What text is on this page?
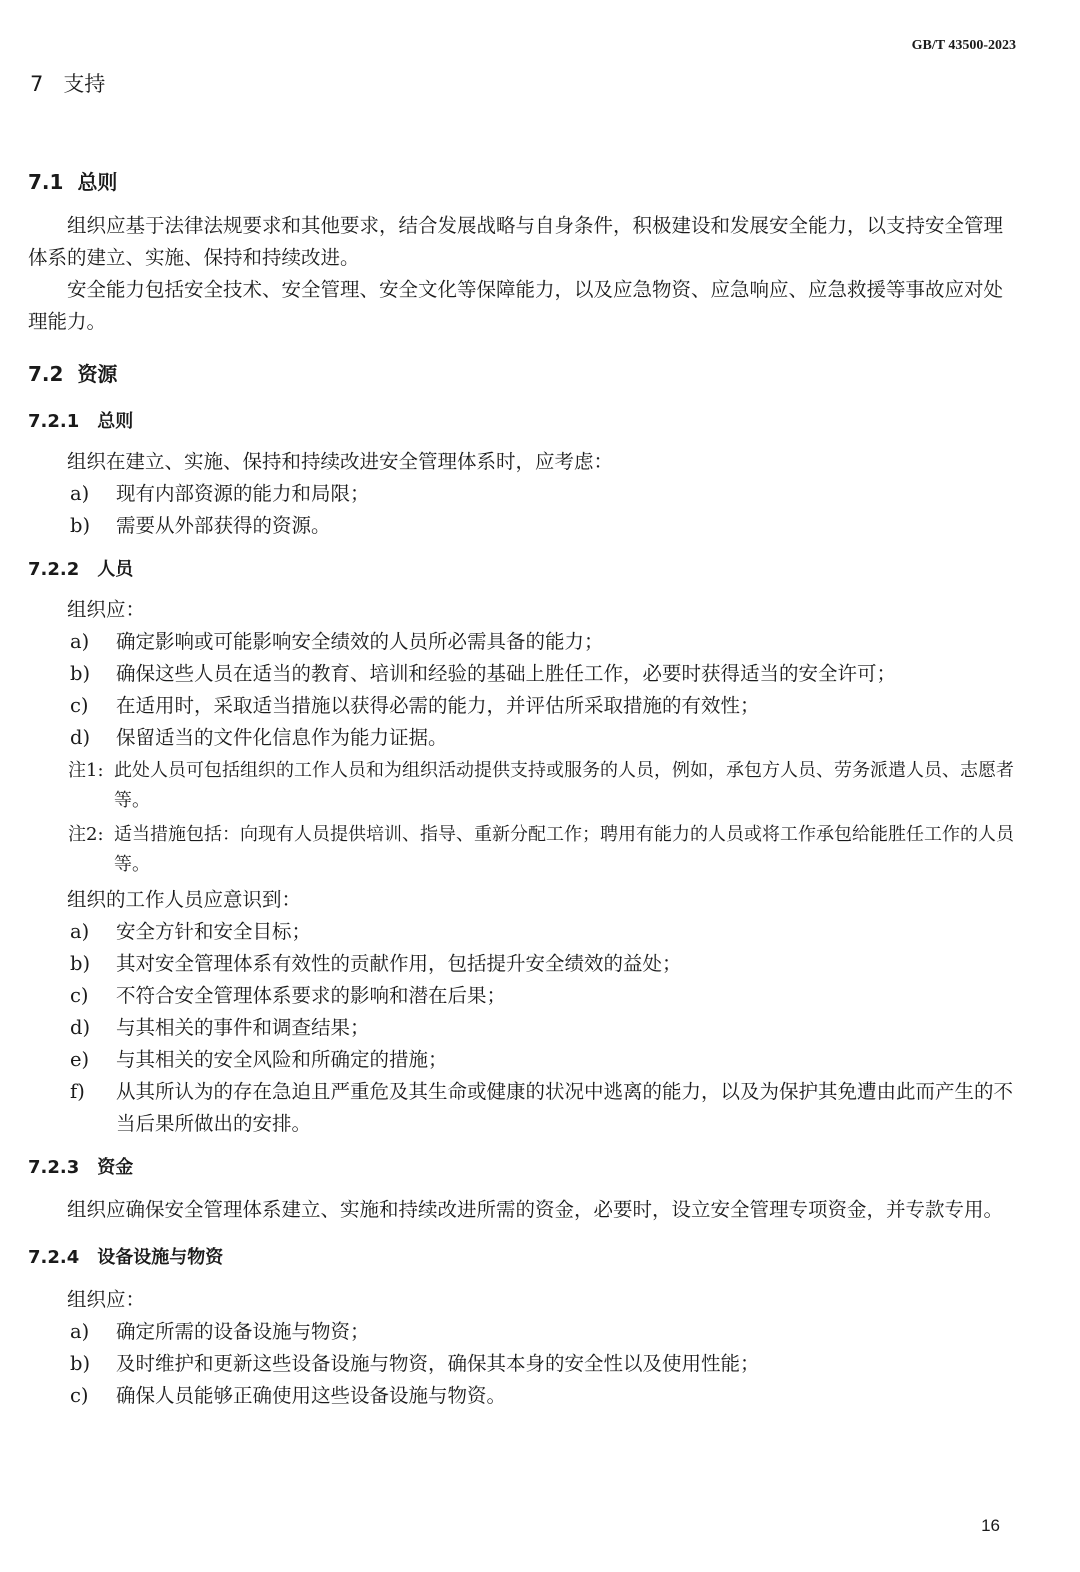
GB/T 43500-2023
7 支持
7.1 总则

组织应基于法律法规要求和其他要求，结合发展战略与自身条件，积极建设和发展安全能力，以支持安全管理体系的建立、实施、保持和持续改进。

安全能力包括安全技术、安全管理、安全文化等保障能力，以及应急物资、应急响应、应急救援等事故应对处理能力。

7.2 资源
7.2.1 总则

组织在建立、实施、保持和持续改进安全管理体系时，应考虑：

a) 现有内部资源的能力和局限；
b) 需要从外部获得的资源。
7.2.2 人员

组织应：

a) 确定影响或可能影响安全绩效的人员所必需具备的能力；
b) 确保这些人员在适当的教育、培训和经验的基础上胜任工作，必要时获得适当的安全许可；
c) 在适用时，采取适当措施以获得必需的能力，并评估所采取措施的有效性；
d) 保留适当的文件化信息作为能力证据。
注1: 此处人员可包括组织的工作人员和为组织活动提供支持或服务的人员，例如，承包方人员、劳务派遣人员、志愿者等。
注2: 适当措施包括：向现有人员提供培训、指导、重新分配工作；聘用有能力的人员或将工作承包给能胜任工作的人员等。

组织的工作人员应意识到：

a) 安全方针和安全目标；
b) 其对安全管理体系有效性的贡献作用，包括提升安全绩效的益处；
c) 不符合安全管理体系要求的影响和潜在后果；
d) 与其相关的事件和调查结果；
e) 与其相关的安全风险和所确定的措施；
f) 从其所认为的存在急迫且严重危及其生命或健康的状况中逃离的能力，以及为保护其免遭由此而产生的不当后果所做出的安排。
7.2.3 资金

组织应确保安全管理体系建立、实施和持续改进所需的资金，必要时，设立安全管理专项资金，并专款专用。

7.2.4 设备设施与物资

组织应：

a) 确定所需的设备设施与物资；
b) 及时维护和更新这些设备设施与物资，确保其本身的安全性以及使用性能；
c) 确保人员能够正确使用这些设备设施与物资。
16
